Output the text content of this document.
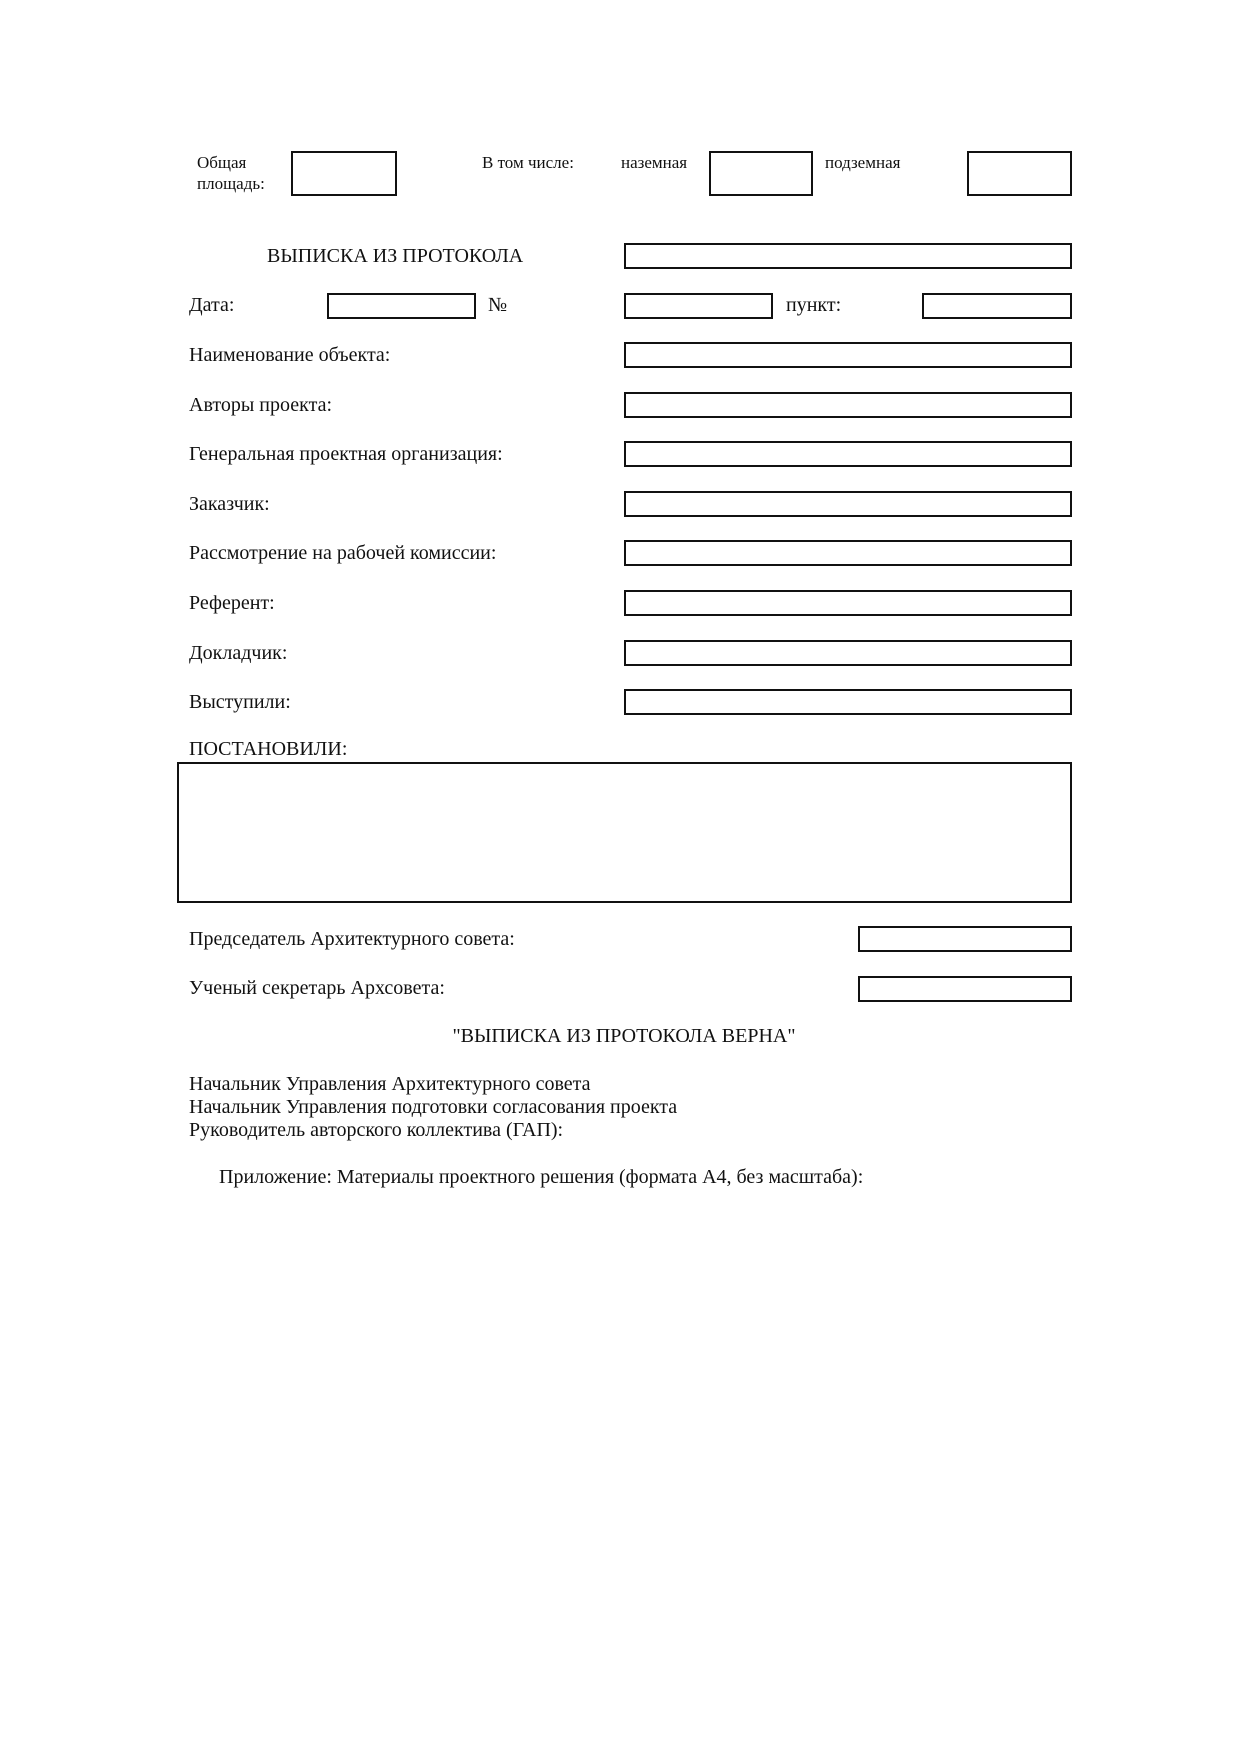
Общая площадь:
В том числе:	наземная	подземная
ВЫПИСКА ИЗ ПРОТОКОЛА
Дата:	№	пункт:
Наименование объекта:
Авторы проекта:
Генеральная проектная организация:
Заказчик:
Рассмотрение на рабочей комиссии:
Референт:
Докладчик:
Выступили:
ПОСТАНОВИЛИ:
Председатель Архитектурного совета:
Ученый секретарь Архсовета:
"ВЫПИСКА ИЗ ПРОТОКОЛА ВЕРНА"
Начальник Управления Архитектурного совета
Начальник Управления подготовки согласования проекта
Руководитель авторского коллектива (ГАП):
Приложение: Материалы проектного решения (формата А4, без масштаба):
